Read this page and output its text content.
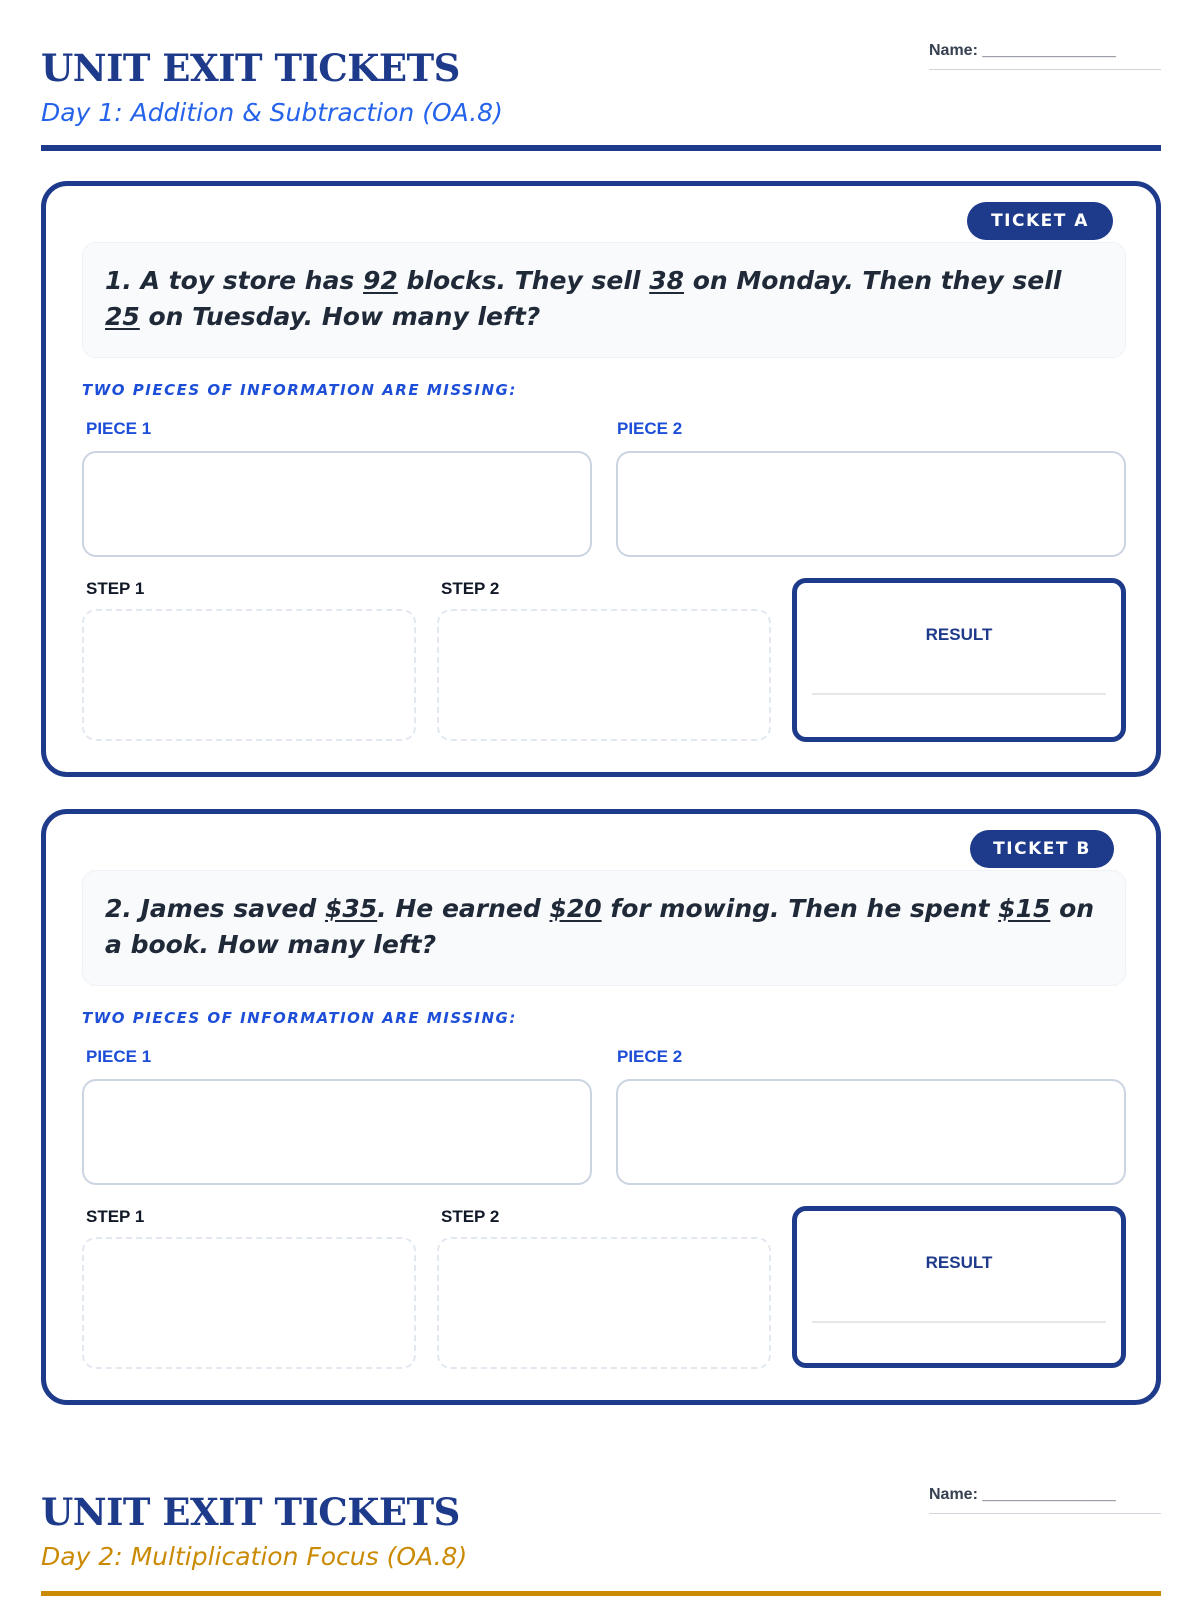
UNIT EXIT TICKETS
Day 1: Addition & Subtraction (OA.8)
Name: _______________
TICKET A
1. A toy store has 92 blocks. They sell 38 on Monday. Then they sell 25 on Tuesday. How many left?
TWO PIECES OF INFORMATION ARE MISSING:
PIECE 1	PIECE 2
STEP 1	STEP 2
RESULT
TICKET B
2. James saved $35. He earned $20 for mowing. Then he spent $15 on a book. How many left?
TWO PIECES OF INFORMATION ARE MISSING:
PIECE 1	PIECE 2
STEP 1	STEP 2
RESULT
UNIT EXIT TICKETS
Day 2: Multiplication Focus (OA.8)
Name: _______________
